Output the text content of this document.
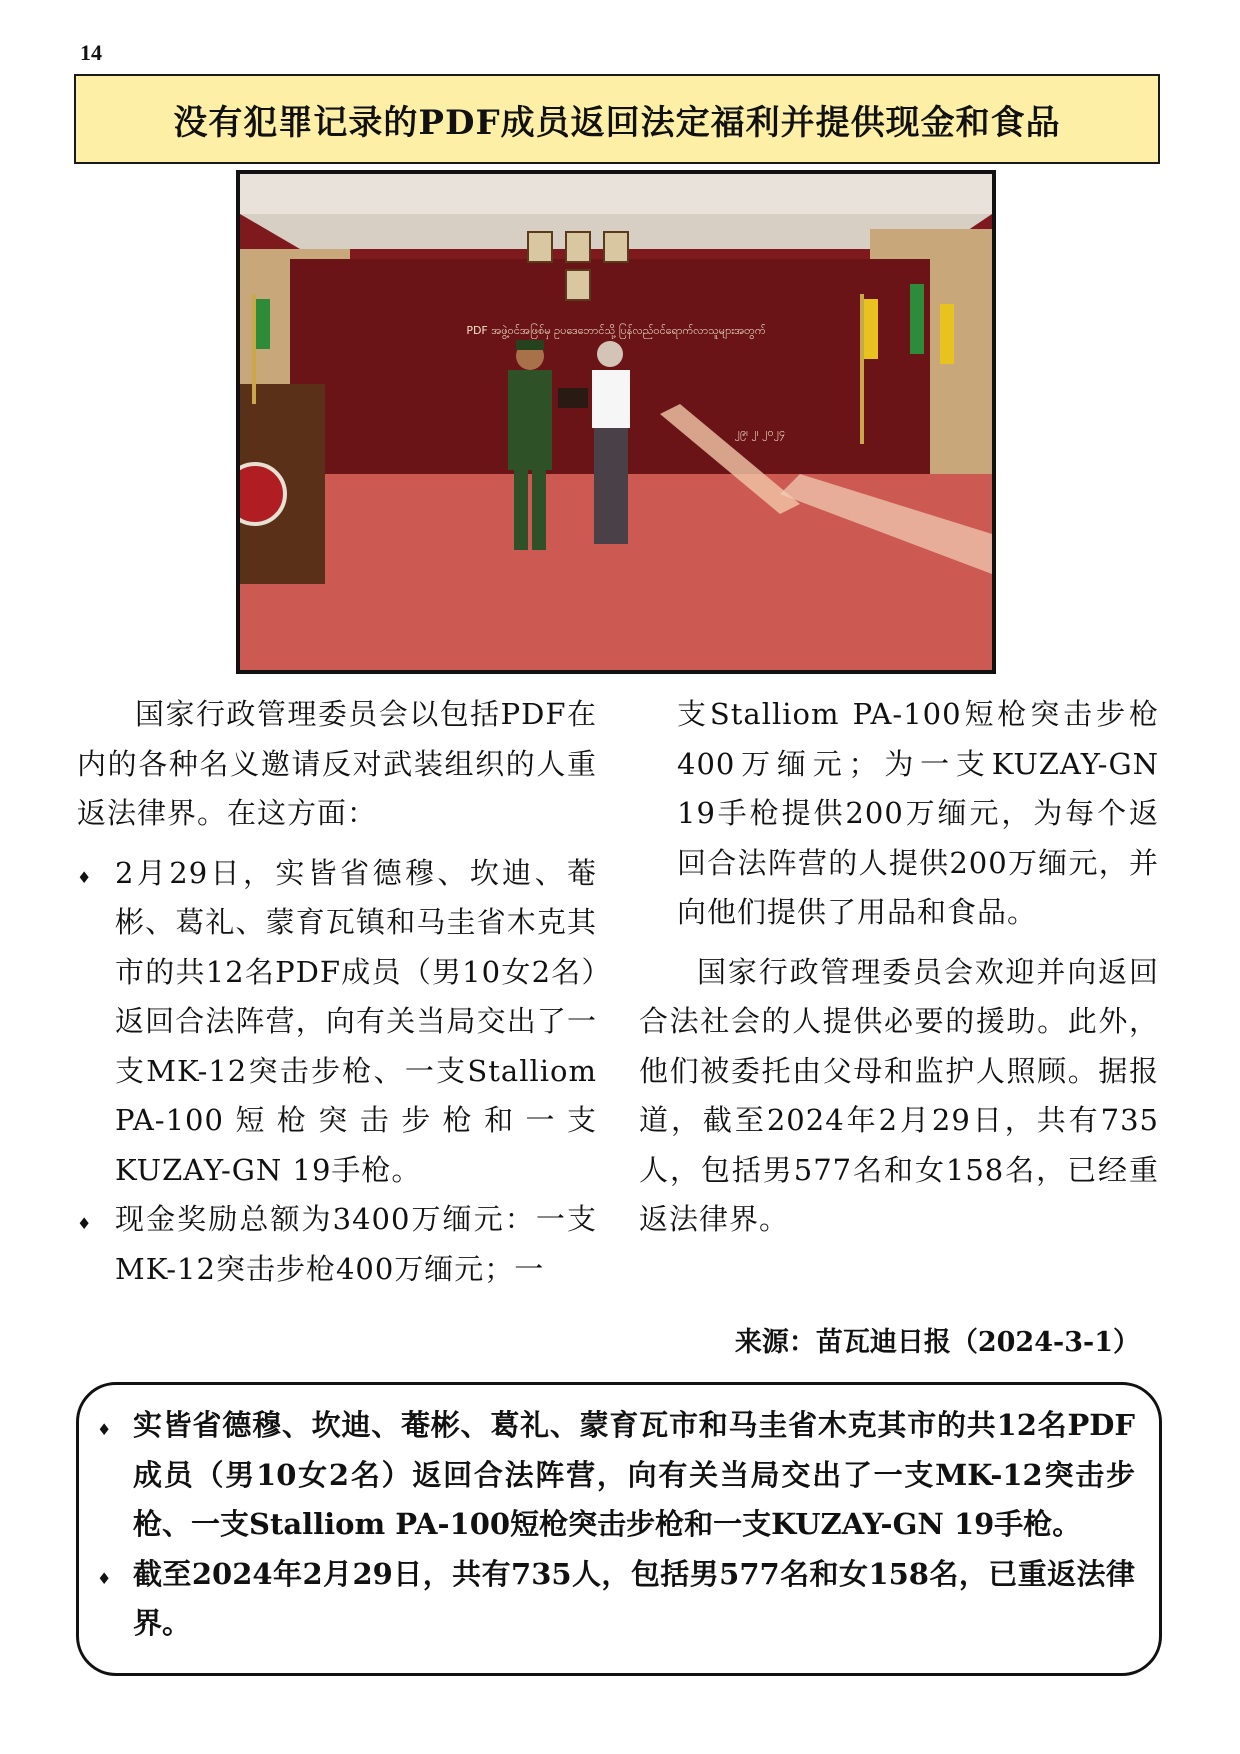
14
没有犯罪记录的PDF成员返回法定福利并提供现金和食品
PDF အဖွဲ့ဝင်အဖြစ်မှ ဥပဒေဘောင်သို့ ပြန်လည်ဝင်ရောက်လာသူများအတွက်
၂၉၊ ၂၊ ၂၀၂၄

国家行政管理委员会以包括PDF在内的各种名义邀请反对武装组织的人重返法律界。在这方面：

♦ 2月29日，实皆省德穆、坎迪、菴彬、葛礼、蒙育瓦镇和马圭省木克其市的共12名PDF成员（男10女2名）返回合法阵营，向有关当局交出了一支MK-12突击步枪、一支Stalliom PA-100短枪突击步枪和一支KUZAY-GN 19手枪。
♦ 现金奖励总额为3400万缅元：一支MK-12突击步枪400万缅元；一

支Stalliom PA-100短枪突击步枪400万缅元；为一支KUZAY-GN 19手枪提供200万缅元，为每个返回合法阵营的人提供200万缅元，并向他们提供了用品和食品。

国家行政管理委员会欢迎并向返回合法社会的人提供必要的援助。此外，他们被委托由父母和监护人照顾。据报道，截至2024年2月29日，共有735人，包括男577名和女158名，已经重返法律界。

来源：苗瓦迪日报（2024-3-1）
♦ 实皆省德穆、坎迪、菴彬、葛礼、蒙育瓦市和马圭省木克其市的共12名PDF成员（男10女2名）返回合法阵营，向有关当局交出了一支MK-12突击步枪、一支Stalliom PA-100短枪突击步枪和一支KUZAY-GN 19手枪。
♦ 截至2024年2月29日，共有735人，包括男577名和女158名，已重返法律界。
